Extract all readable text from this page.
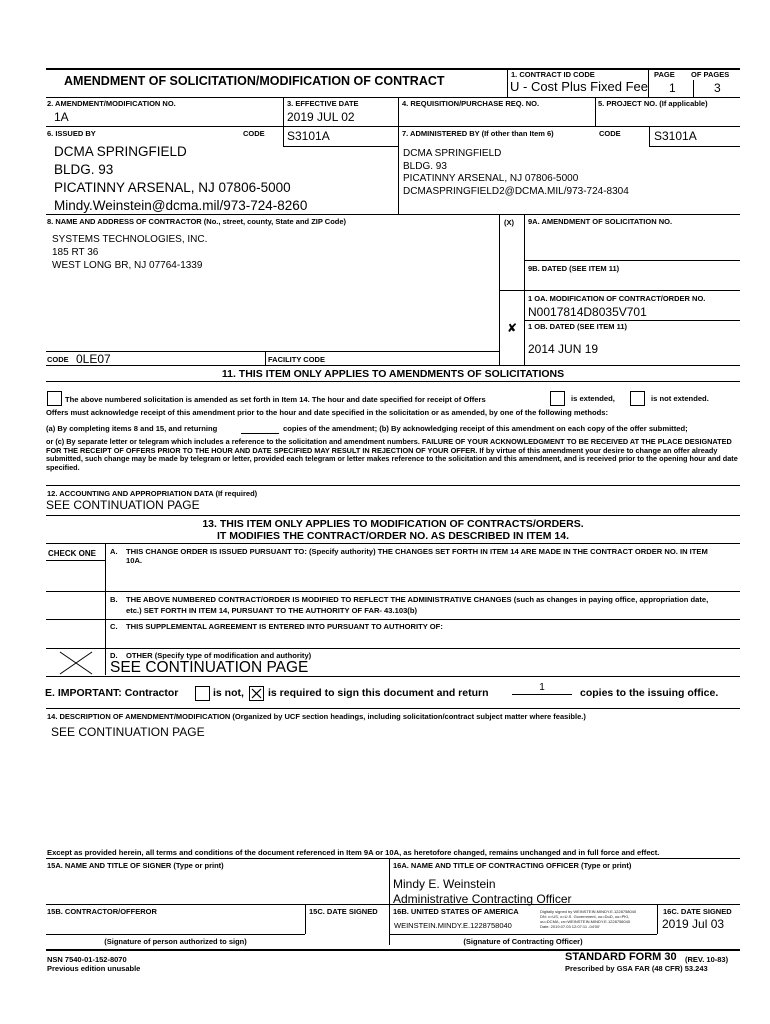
AMENDMENT OF SOLICITATION/MODIFICATION OF CONTRACT	1. CONTRACT ID CODE
U - Cost Plus Fixed Fee
PAGE OF PAGES
1	3
2. AMENDMENT/MODIFICATION NO.
1A
3. EFFECTIVE DATE
2019 JUL 02
4. REQUISITION/PURCHASE REQ. NO.	5. PROJECT NO. (If applicable)
6. ISSUED BY	CODE S3101A	7. ADMINISTERED BY (If other than Item 6)	CODE	S3101A
DCMA SPRINGFIELD
BLDG. 93
PICATINNY ARSENAL, NJ 07806-5000
Mindy.Weinstein@dcma.mil/973-724-8260
DCMA SPRINGFIELD
BLDG. 93
PICATINNY ARSENAL, NJ 07806-5000
DCMASPRINGFIELD2@DCMA.MIL/973-724-8304
8. NAME AND ADDRESS OF CONTRACTOR (No., street, county, State and ZIP Code)	(X) 9A. AMENDMENT OF SOLICITATION NO.
SYSTEMS TECHNOLOGIES, INC.
185 RT 36
WEST LONG BR, NJ 07764-1339	9B. DATED (SEE ITEM 11)
1 OA. MODIFICATION OF CONTRACT/ORDER NO.
N0017814D8035V701
✘ 1 OB. DATED (SEE ITEM 11)
2014 JUN 19
CODE 0LE07	FACILITY CODE
11. THIS ITEM ONLY APPLIES TO AMENDMENTS OF SOLICITATIONS
The above numbered solicitation is amended as set forth in Item 14. The hour and date specified for receipt of Offers	is extended,	is not extended.
Offers must acknowledge receipt of this amendment prior to the hour and date specified in the solicitation or as amended, by one of the following methods:
(a) By completing items 8 and 15, and returning	copies of the amendment; (b) By acknowledging receipt of this amendment on each copy of the offer submitted;
or (c) By separate letter or telegram which includes a reference to the solicitation and amendment numbers. FAILURE OF YOUR ACKNOWLEDGMENT TO BE RECEIVED AT THE PLACE DESIGNATED FOR THE RECEIPT OF OFFERS PRIOR TO THE HOUR AND DATE SPECIFIED MAY RESULT IN REJECTION OF YOUR OFFER. If by virtue of this amendment your desire to change an offer already submitted, such change may be made by telegram or letter, provided each telegram or letter makes reference to the solicitation and this amendment, and is received prior to the opening hour and date specified.
12. ACCOUNTING AND APPROPRIATION DATA (If required)
SEE CONTINUATION PAGE
13. THIS ITEM ONLY APPLIES TO MODIFICATION OF CONTRACTS/ORDERS.
IT MODIFIES THE CONTRACT/ORDER NO. AS DESCRIBED IN ITEM 14.
CHECK ONE A. THIS CHANGE ORDER IS ISSUED PURSUANT TO: (Specify authority) THE CHANGES SET FORTH IN ITEM 14 ARE MADE IN THE CONTRACT ORDER NO. IN ITEM 10A.
B. THE ABOVE NUMBERED CONTRACT/ORDER IS MODIFIED TO REFLECT THE ADMINISTRATIVE CHANGES (such as changes in paying office, appropriation date, etc.) SET FORTH IN ITEM 14, PURSUANT TO THE AUTHORITY OF FAR- 43.103(b)
C. THIS SUPPLEMENTAL AGREEMENT IS ENTERED INTO PURSUANT TO AUTHORITY OF:
D. OTHER (Specify type of modification and authority)
SEE CONTINUATION PAGE
E. IMPORTANT: Contractor	is not, is required to sign this document and return	1	copies to the issuing office.
14. DESCRIPTION OF AMENDMENT/MODIFICATION (Organized by UCF section headings, including solicitation/contract subject matter where feasible.)
SEE CONTINUATION PAGE
Except as provided herein, all terms and conditions of the document referenced in Item 9A or 10A, as heretofore changed, remains unchanged and in full force and effect.
15A. NAME AND TITLE OF SIGNER (Type or print)	16A. NAME AND TITLE OF CONTRACTING OFFICER (Type or print)
Mindy E. Weinstein
Administrative Contracting Officer
15B. CONTRACTOR/OFFEROR	15C. DATE SIGNED 16B. UNITED STATES OF AMERICA
WEINSTEIN.MINDY.E.1228758040
Digitally signed by WEINSTEIN.MINDY.E.1228758040 DN: c=US, o=U.S. Government, ou=DoD, ou=PKI, ou=DCMA, cn=WEINSTEIN.MINDY.E.1228758040 Date: 2019.07.03 12:07:11 -04'00'
16C. DATE SIGNED
2019 Jul 03
(Signature of person authorized to sign)	(Signature of Contracting Officer)
NSN 7540-01-152-8070
Previous edition unusable
STANDARD FORM 30 (REV. 10-83)
Prescribed by GSA FAR (48 CFR) 53.243
